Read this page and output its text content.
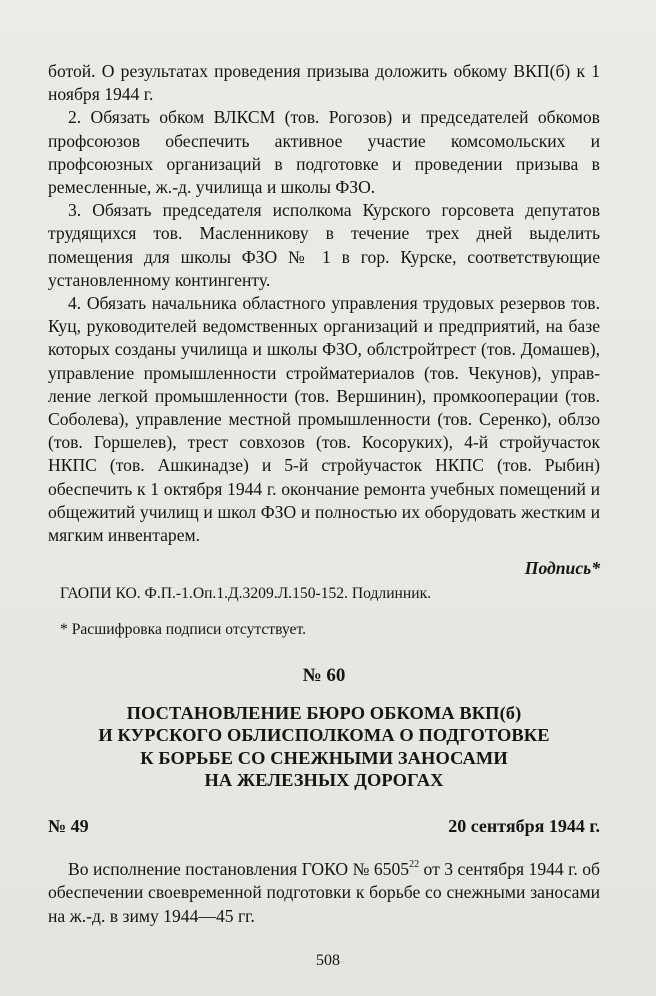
ботой. О результатах проведения призыва доложить обкому ВКП(б) к 1 ноября 1944 г.

2. Обязать обком ВЛКСМ (тов. Рогозов) и председателей обкомов профсоюзов обеспечить активное участие комсомольских и профсоюзных организаций в подготовке и проведении призыва в ремесленные, ж.-д. училища и школы ФЗО.

3. Обязать председателя исполкома Курского горсовета депутатов трудящихся тов. Масленникову в течение трех дней выделить помещения для школы ФЗО № 1 в гор. Курске, соответствующие установленному контингенту.

4. Обязать начальника областного управления трудовых резервов тов. Куц, руководителей ведомственных организаций и предприятий, на базе которых созданы училища и школы ФЗО, облстройтрест (тов. Домашев), управление промышленности стройматериалов (тов. Чекунов), управление легкой промышленности (тов. Вершинин), промкооперации (тов. Соболева), управление местной промышленности (тов. Серенко), облзо (тов. Горшелев), трест совхозов (тов. Косоруких), 4-й стройучасток НКПС (тов. Ашкинадзе) и 5-й стройучасток НКПС (тов. Рыбин) обеспечить к 1 октября 1944 г. окончание ремонта учебных помещений и общежитий училищ и школ ФЗО и полностью их оборудовать жестким и мягким инвентарем.

Подпись*

ГАОПИ КО. Ф.П.-1.Оп.1.Д.3209.Л.150-152. Подлинник.

* Расшифровка подписи отсутствует.

№ 60

ПОСТАНОВЛЕНИЕ БЮРО ОБКОМА ВКП(б)

И КУРСКОГО ОБЛИСПОЛКОМА О ПОДГОТОВКЕ

К БОРЬБЕ СО СНЕЖНЫМИ ЗАНОСАМИ

НА ЖЕЛЕЗНЫХ ДОРОГАХ

№ 49	20 сентября 1944 г.

Во исполнение постановления ГОКО № 6505$^{22}$ от 3 сентября 1944 г. об обеспечении своевременной подготовки к борьбе со снежными заносами на ж.-д. в зиму 1944—45 гг.

508
